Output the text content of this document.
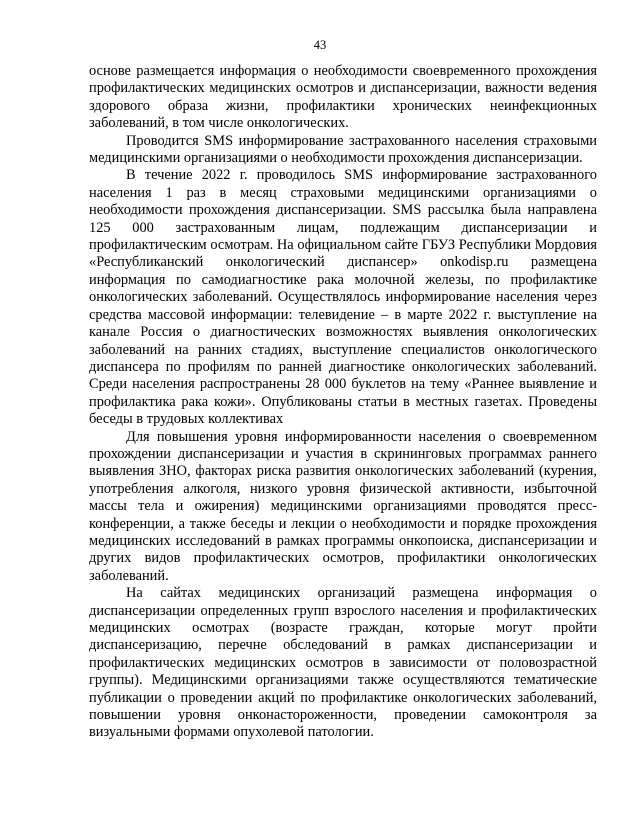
43

основе размещается информация о необходимости своевременного прохождения профилактических медицинских осмотров и диспансеризации, важности ведения здорового образа жизни, профилактики хронических неинфекционных заболеваний, в том числе онкологических.

Проводится SMS информирование застрахованного населения страховыми медицинскими организациями о необходимости прохождения диспансеризации.

В течение 2022 г. проводилось SMS информирование застрахованного населения 1 раз в месяц страховыми медицинскими организациями о необходимости прохождения диспансеризации. SMS рассылка была направлена 125 000 застрахованным лицам, подлежащим диспансеризации и профилактическим осмотрам. На официальном сайте ГБУЗ Республики Мордовия «Республиканский онкологический диспансер» onkodisp.ru размещена информация по самодиагностике рака молочной железы, по профилактике онкологических заболеваний. Осуществлялось информирование населения через средства массовой информации: телевидение – в марте 2022 г. выступление на канале Россия о диагностических возможностях выявления онкологических заболеваний на ранних стадиях, выступление специалистов онкологического диспансера по профилям по ранней диагностике онкологических заболеваний. Среди населения распространены 28 000 буклетов на тему «Раннее выявление и профилактика рака кожи». Опубликованы статьи в местных газетах. Проведены беседы в трудовых коллективах

Для повышения уровня информированности населения о своевременном прохождении диспансеризации и участия в скрининговых программах раннего выявления ЗНО, факторах риска развития онкологических заболеваний (курения, употребления алкоголя, низкого уровня физической активности, избыточной массы тела и ожирения) медицинскими организациями проводятся пресс-конференции, а также беседы и лекции о необходимости и порядке прохождения медицинских исследований в рамках программы онкопоиска, диспансеризации и других видов профилактических осмотров, профилактики онкологических заболеваний.

На сайтах медицинских организаций размещена информация о диспансеризации определенных групп взрослого населения и профилактических медицинских осмотрах (возрасте граждан, которые могут пройти диспансеризацию, перечне обследований в рамках диспансеризации и профилактических медицинских осмотров в зависимости от половозрастной группы). Медицинскими организациями также осуществляются тематические публикации о проведении акций по профилактике онкологических заболеваний, повышении уровня онконастороженности, проведении самоконтроля за визуальными формами опухолевой патологии.
